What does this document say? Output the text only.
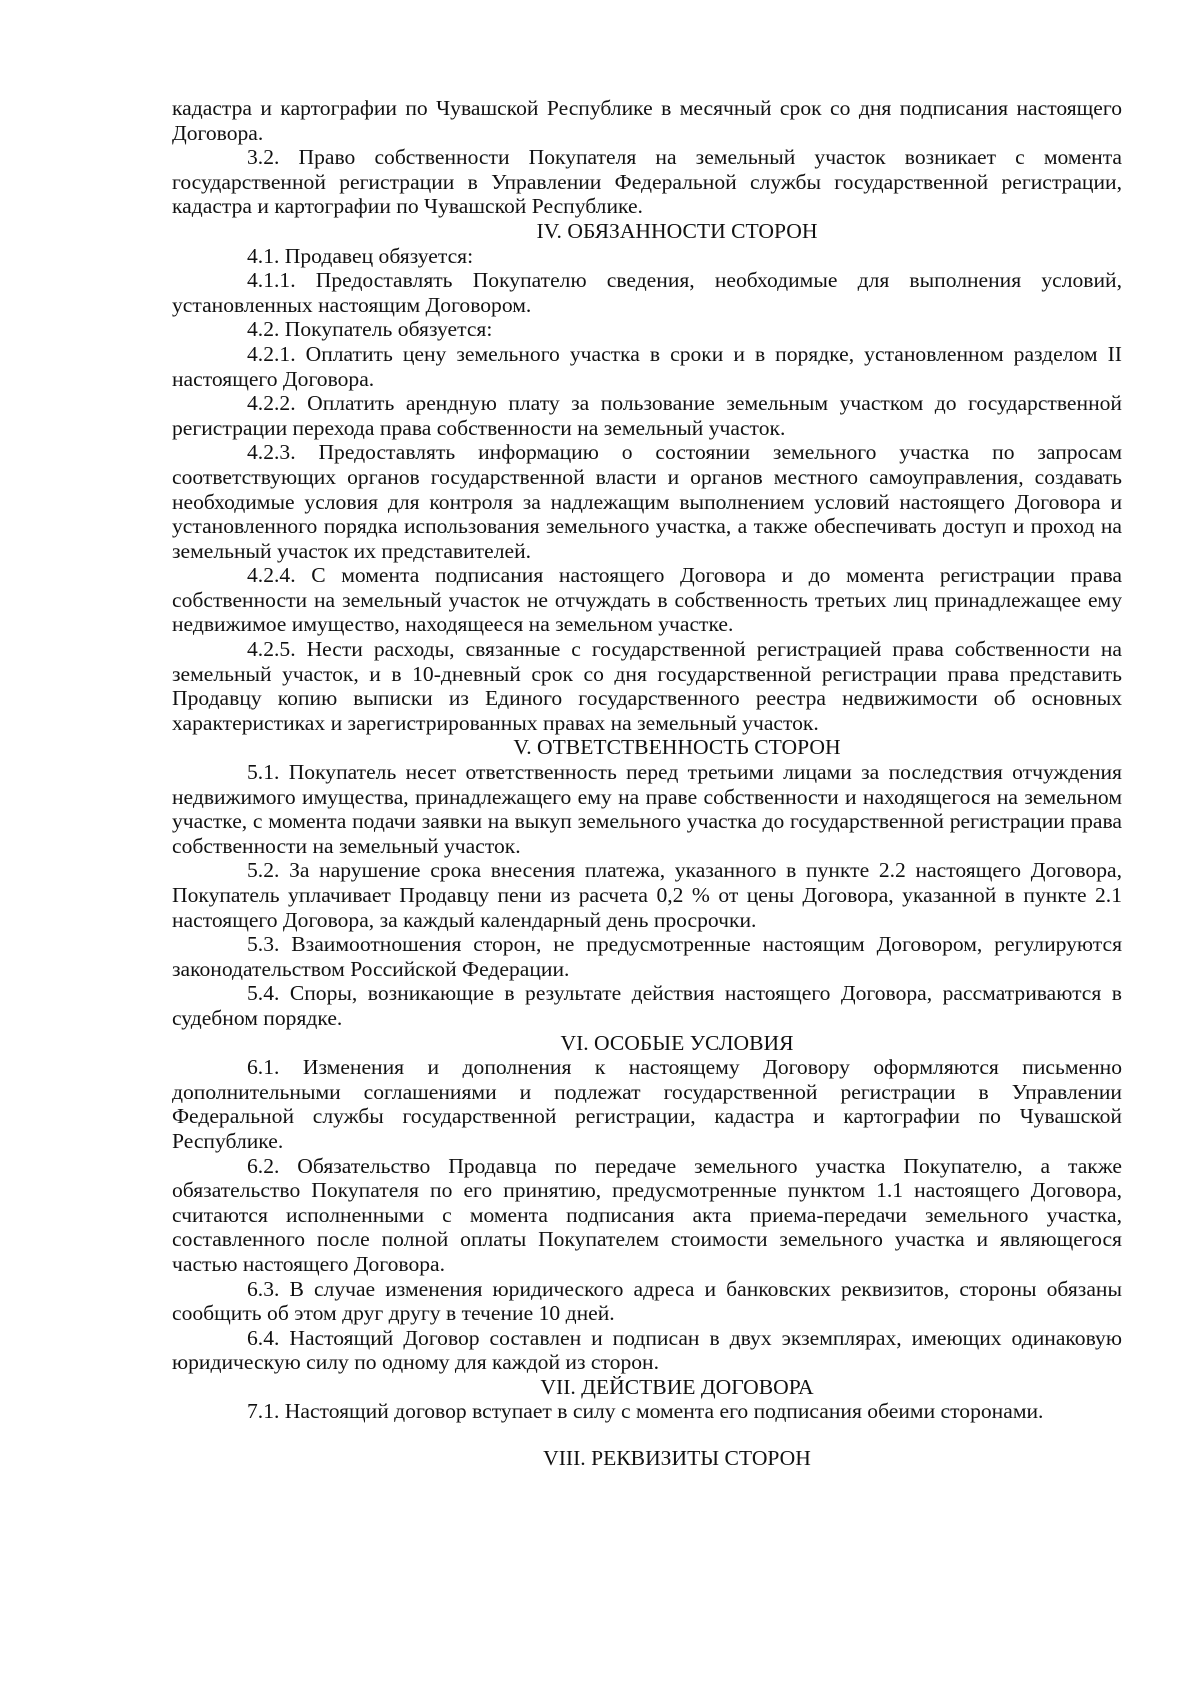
кадастра и картографии по Чувашской Республике в месячный срок со дня подписания настоящего Договора.

3.2. Право собственности Покупателя на земельный участок возникает с момента государственной регистрации в Управлении Федеральной службы государственной регистрации, кадастра и картографии по Чувашской Республике.

IV. ОБЯЗАННОСТИ СТОРОН

4.1. Продавец обязуется:

4.1.1. Предоставлять Покупателю сведения, необходимые для выполнения условий, установленных настоящим Договором.

4.2. Покупатель обязуется:

4.2.1. Оплатить цену земельного участка в сроки и в порядке, установленном разделом II настоящего Договора.

4.2.2. Оплатить арендную плату за пользование земельным участком до государственной регистрации перехода права собственности на земельный участок.

4.2.3. Предоставлять информацию о состоянии земельного участка по запросам соответствующих органов государственной власти и органов местного самоуправления, создавать необходимые условия для контроля за надлежащим выполнением условий настоящего Договора и установленного порядка использования земельного участка, а также обеспечивать доступ и проход на земельный участок их представителей.

4.2.4. С момента подписания настоящего Договора и до момента регистрации права собственности на земельный участок не отчуждать в собственность третьих лиц принадлежащее ему недвижимое имущество, находящееся на земельном участке.

4.2.5. Нести расходы, связанные с государственной регистрацией права собственности на земельный участок, и в 10-дневный срок со дня государственной регистрации права представить Продавцу копию выписки из Единого государственного реестра недвижимости об основных характеристиках и зарегистрированных правах на земельный участок.

V. ОТВЕТСТВЕННОСТЬ СТОРОН

5.1. Покупатель несет ответственность перед третьими лицами за последствия отчуждения недвижимого имущества, принадлежащего ему на праве собственности и находящегося на земельном участке, с момента подачи заявки на выкуп земельного участка до государственной регистрации права собственности на земельный участок.

5.2. За нарушение срока внесения платежа, указанного в пункте 2.2 настоящего Договора, Покупатель уплачивает Продавцу пени из расчета 0,2 % от цены Договора, указанной в пункте 2.1 настоящего Договора, за каждый календарный день просрочки.

5.3. Взаимоотношения сторон, не предусмотренные настоящим Договором, регулируются законодательством Российской Федерации.

5.4. Споры, возникающие в результате действия настоящего Договора, рассматриваются в судебном порядке.

VI. ОСОБЫЕ УСЛОВИЯ

6.1. Изменения и дополнения к настоящему Договору оформляются письменно дополнительными соглашениями и подлежат государственной регистрации в Управлении Федеральной службы государственной регистрации, кадастра и картографии по Чувашской Республике.

6.2. Обязательство Продавца по передаче земельного участка Покупателю, а также обязательство Покупателя по его принятию, предусмотренные пунктом 1.1 настоящего Договора, считаются исполненными с момента подписания акта приема-передачи земельного участка, составленного после полной оплаты Покупателем стоимости земельного участка и являющегося частью настоящего Договора.

6.3. В случае изменения юридического адреса и банковских реквизитов, стороны обязаны сообщить об этом друг другу в течение 10 дней.

6.4. Настоящий Договор составлен и подписан в двух экземплярах, имеющих одинаковую юридическую силу по одному для каждой из сторон.

VII. ДЕЙСТВИЕ ДОГОВОРА

7.1. Настоящий договор вступает в силу с момента его подписания обеими сторонами.

VIII. РЕКВИЗИТЫ СТОРОН
